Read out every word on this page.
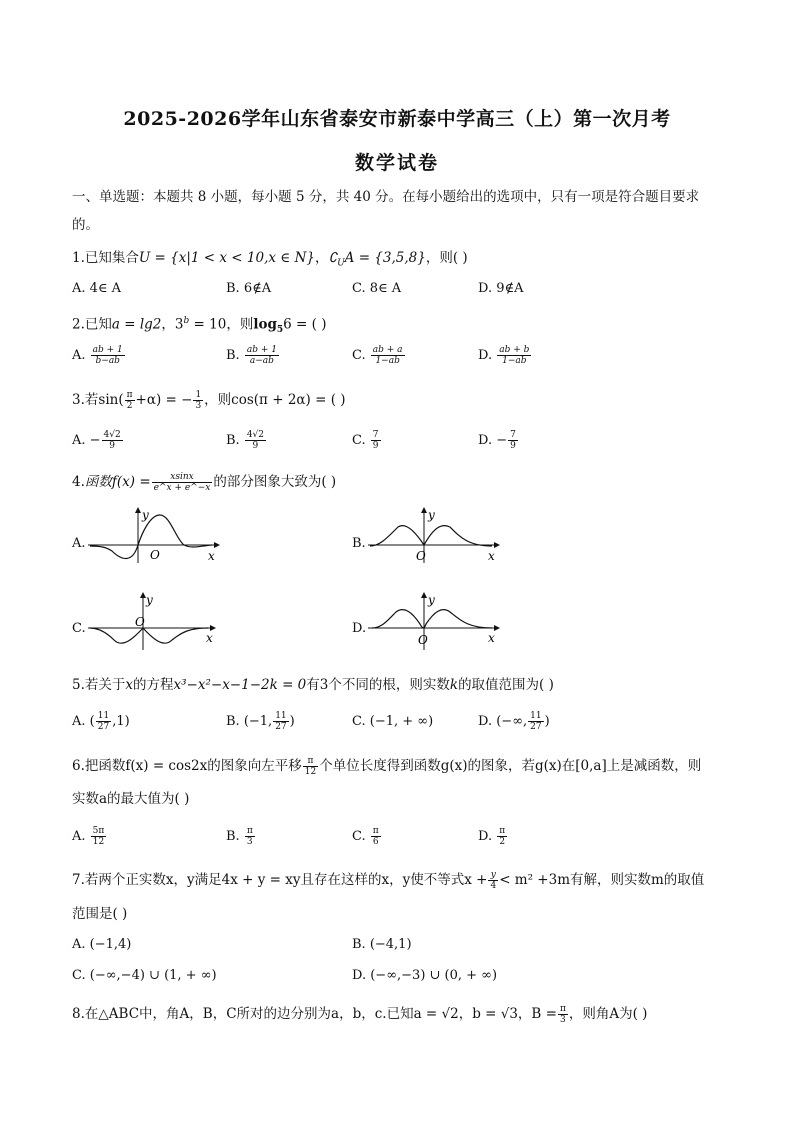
2025-2026学年山东省泰安市新泰中学高三（上）第一次月考
数学试卷
一、单选题：本题共 8 小题，每小题 5 分，共 40 分。在每小题给出的选项中，只有一项是符合题目要求
的。
1.已知集合U = {x|1 < x < 10,x ∈ N}，$∁_UA = \{3,5,8\}$，则( )
A. 4∈ A	B. 6∉A	C. 8∈ A	D. 9∉A
2.已知a = lg2，$3^b = 10$，则$\log_56$ = ( )
A. $\frac{ab + 1}{b-ab}$	B. $\frac{ab + 1}{a-ab}$	C. $\frac{ab + a}{1-ab}$	D. $\frac{ab + b}{1-ab}$
3.若$\sin( \frac{\pi}{2} +\alpha)$ = − $\frac{1}{3}$ ，则cos(π + 2α) = ( )
A. − $\frac{4√2}{9}$	B. $\frac{4√2}{9}$	C. $\frac{7}{9}$	D. − $\frac{7}{9}$
4.函数$f(x) = \frac{xsinx}{e\^{}x + e\^{}-x}$ 的部分图象大致为( )
A.
y
O	x
B.
y
O	x
C.
y
O
x
D.
y
O	x
5.若关于x的方程x³−x²−x−1−2k = 0有3个不同的根，则实数k的取值范围为( )
A. ( $\frac{11}{27} ,1$)	B. (−1, $\frac{11}{27}$ )	C. (−1, + ∞)	D. (−∞, $\frac{11}{27}$ )
6.把函数f(x) = cos2x的图象向左平移 $\frac{\pi}{12}$ 个单位长度得到函数g(x)的图象，若g(x)在[0,a]上是减函数，则
实数a的最大值为( )
A. $\frac{5\pi}{12}$	B. $\frac{\pi}{3}$	C. $\frac{\pi}{6}$	D. $\frac{\pi}{2}$
7.若两个正实数x，y满足4x + y = xy且存在这样的x，y使不等式$x + \frac{y}{4} < m^2 +3m$有解，则实数m的取值
范围是( )
A. (−1,4)	B. (−4,1)
C. (−∞,−4) ∪ (1, + ∞)	D. (−∞,−3) ∪ (0, + ∞)
8.在△ABC中，角A，B，C所对的边分别为a，b，c.已知a = √2，b = √3，$B = \frac{\pi}{3}$ ，则角A为( )
